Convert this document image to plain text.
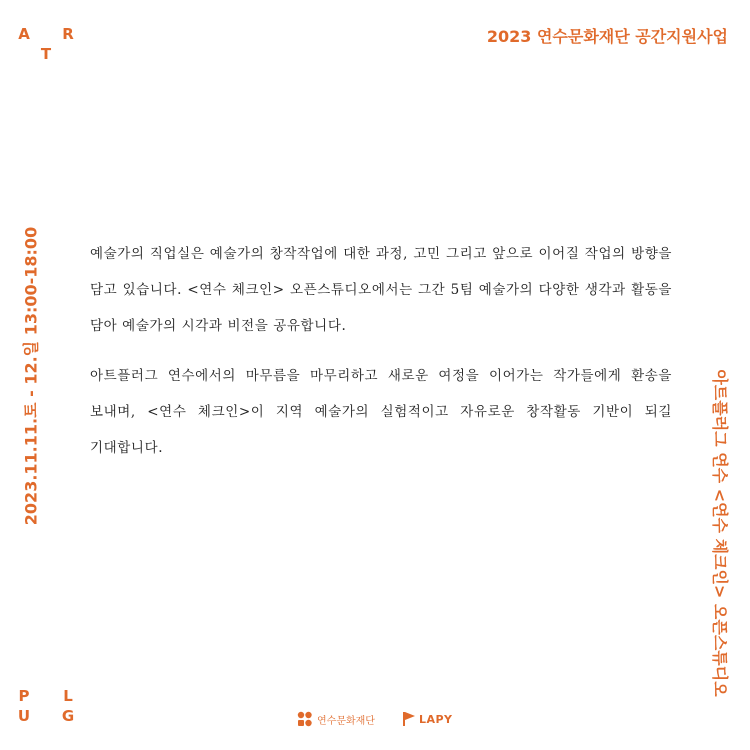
A	R
T
2023 연수문화재단 공간지원사업
2023.11.11.토 - 12.일 13:00-18:00	아트플러그 연수 <연수 체크인> 오픈스튜디오

예술가의 직업실은 예술가의 창작작업에 대한 과정, 고민 그리고 앞으로 이어질 작업의 방향을 담고 있습니다. <연수 체크인> 오픈스튜디오에서는 그간 5팀 예술가의 다양한 생각과 활동을 담아 예술가의 시각과 비전을 공유합니다.

아트플러그 연수에서의 마무름을 마무리하고 새로운 여정을 이어가는 작가들에게 환송을 보내며, <연수 체크인>이 지역 예술가의 실험적이고 자유로운 창작활동 기반이 되길 기대합니다.

P	L
U	G	연수문화재단	LAPY
